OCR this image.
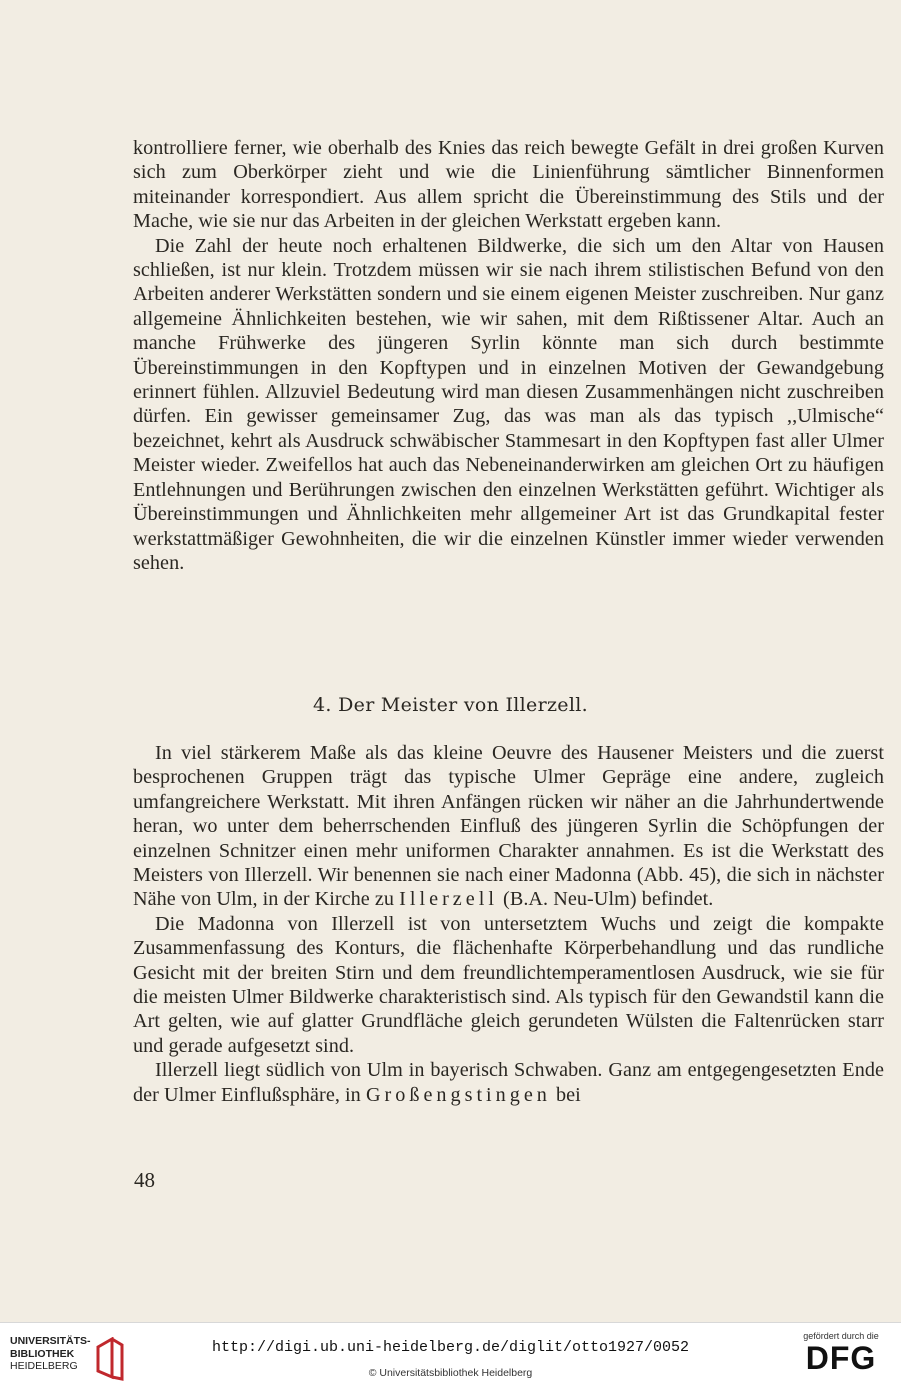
kontrolliere ferner, wie oberhalb des Knies das reich bewegte Gefält in drei großen Kurven sich zum Oberkörper zieht und wie die Linienführung sämtlicher Binnenformen miteinander korrespondiert. Aus allem spricht die Übereinstimmung des Stils und der Mache, wie sie nur das Arbeiten in der gleichen Werkstatt ergeben kann.

Die Zahl der heute noch erhaltenen Bildwerke, die sich um den Altar von Hausen schließen, ist nur klein. Trotzdem müssen wir sie nach ihrem stilistischen Befund von den Arbeiten anderer Werkstätten sondern und sie einem eigenen Meister zuschreiben. Nur ganz allgemeine Ähnlichkeiten bestehen, wie wir sahen, mit dem Rißtissener Altar. Auch an manche Frühwerke des jüngeren Syrlin könnte man sich durch bestimmte Übereinstimmungen in den Kopftypen und in einzelnen Motiven der Gewandgebung erinnert fühlen. Allzuviel Bedeutung wird man diesen Zusammenhängen nicht zuschreiben dürfen. Ein gewisser gemeinsamer Zug, das was man als das typisch ,,Ulmische“ bezeichnet, kehrt als Ausdruck schwäbischer Stammesart in den Kopftypen fast aller Ulmer Meister wieder. Zweifellos hat auch das Nebeneinanderwirken am gleichen Ort zu häufigen Entlehnungen und Berührungen zwischen den einzelnen Werkstätten geführt. Wichtiger als Übereinstimmungen und Ähnlichkeiten mehr allgemeiner Art ist das Grundkapital fester werkstattmäßiger Gewohnheiten, die wir die einzelnen Künstler immer wieder verwenden sehen.

4. Der Meister von Illerzell.

In viel stärkerem Maße als das kleine Oeuvre des Hausener Meisters und die zuerst besprochenen Gruppen trägt das typische Ulmer Gepräge eine andere, zugleich umfangreichere Werkstatt. Mit ihren Anfängen rücken wir näher an die Jahrhundertwende heran, wo unter dem beherrschenden Einfluß des jüngeren Syrlin die Schöpfungen der einzelnen Schnitzer einen mehr uniformen Charakter annahmen. Es ist die Werkstatt des Meisters von Illerzell. Wir benennen sie nach einer Madonna (Abb. 45), die sich in nächster Nähe von Ulm, in der Kirche zu Illerzell (B.A. Neu-Ulm) befindet.

Die Madonna von Illerzell ist von untersetztem Wuchs und zeigt die kompakte Zusammenfassung des Konturs, die flächenhafte Körperbehandlung und das rundliche Gesicht mit der breiten Stirn und dem freundlichtemperamentlosen Ausdruck, wie sie für die meisten Ulmer Bildwerke charakteristisch sind. Als typisch für den Gewandstil kann die Art gelten, wie auf glatter Grundfläche gleich gerundeten Wülsten die Faltenrücken starr und gerade aufgesetzt sind.

Illerzell liegt südlich von Ulm in bayerisch Schwaben. Ganz am entgegengesetzten Ende der Ulmer Einflußsphäre, in Großengstingen bei

48
UNIVERSITÄTS-
BIBLIOTHEK
HEIDELBERG
http://digi.ub.uni-heidelberg.de/diglit/otto1927/0052
© Universitätsbibliothek Heidelberg
gefördert durch die
DFG
